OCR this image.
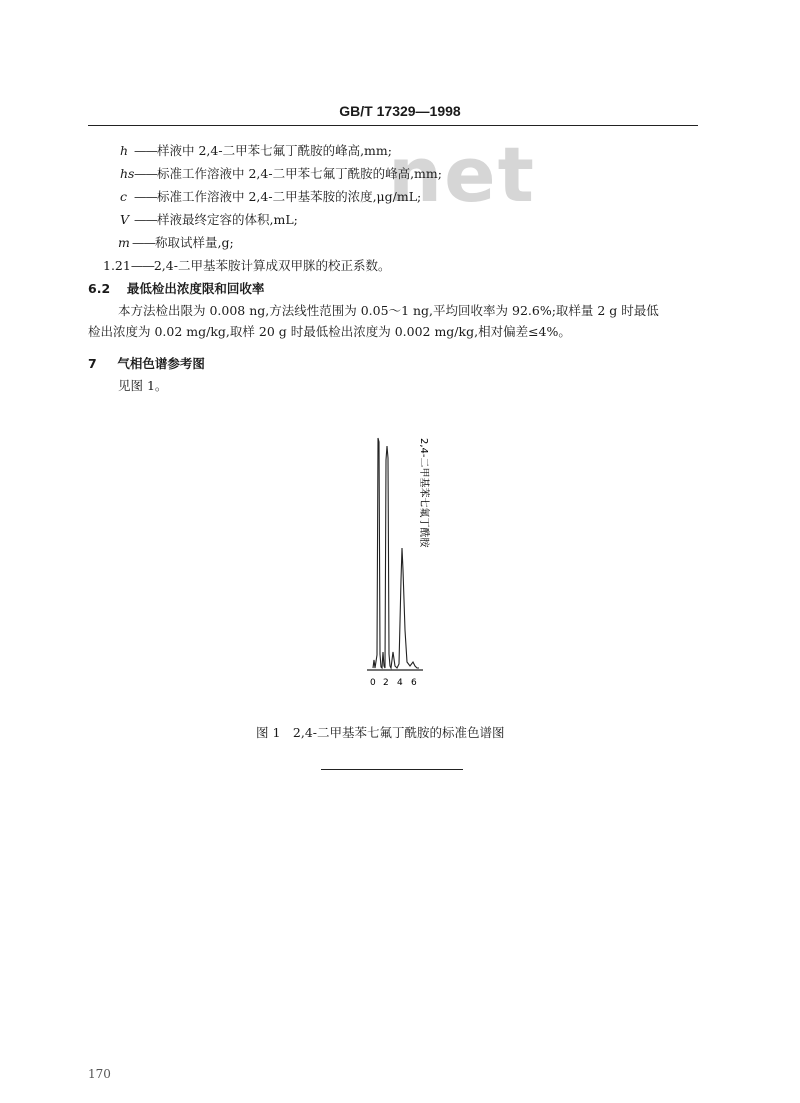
GB/T 17329—1998
net
h ——样液中 2,4-二甲苯七氟丁酰胺的峰高,mm;
hs——标准工作溶液中 2,4-二甲苯七氟丁酰胺的峰高,mm;
c ——标准工作溶液中 2,4-二甲基苯胺的浓度,μg/mL;
V ——样液最终定容的体积,mL;
m ——称取试样量,g;
1.21——2,4-二甲基苯胺计算成双甲脒的校正系数。
6.2 最低检出浓度限和回收率
本方法检出限为 0.008 ng,方法线性范围为 0.05～1 ng,平均回收率为 92.6%;取样量 2 g 时最低
检出浓度为 0.02 mg/kg,取样 20 g 时最低检出浓度为 0.002 mg/kg,相对偏差≤4%。
7 气相色谱参考图
见图 1。
0 2 4 6
2,4-二甲基苯七氟丁酰胺
图 1　2,4-二甲基苯七氟丁酰胺的标准色谱图
170
